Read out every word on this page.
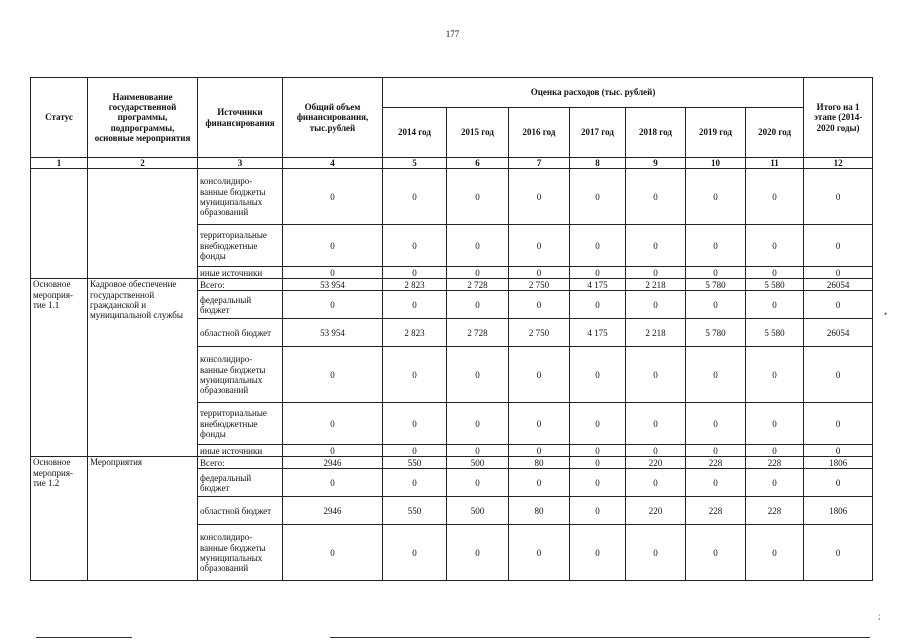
177
Статус	Наименование государственной программы, подпрограммы, основные мероприятия	Источники финансирования	Общий объем финансирования, тыс.рублей	Оценка расходов (тыс. рублей)							Итого на 1 этапе (2014-2020 годы)
				2014 год	2015 год	2016 год	2017 год	2018 год	2019 год	2020 год	
1	2	3	4	5	6	7	8	9	10	11	12
		консолидиро-ванные бюджеты муниципальных образований	0	0	0	0	0	0	0	0	0
		территориальные внебюджетные фонды	0	0	0	0	0	0	0	0	0
		иные источники	0	0	0	0	0	0	0	0	0
Основное мероприя-тие 1.1	Кадровое обеспечение государственной гражданской и муниципальной службы	Всего:	53 954	2 823	2 728	2 750	4 175	2 218	5 780	5 580	26054
		федеральный бюджет	0	0	0	0	0	0	0	0	0
		областной бюджет	53 954	2 823	2 728	2 750	4 175	2 218	5 780	5 580	26054
		консолидиро-ванные бюджеты муниципальных образований	0	0	0	0	0	0	0	0	0
		территориальные внебюджетные фонды	0	0	0	0	0	0	0	0	0
		иные источники	0	0	0	0	0	0	0	0	0
Основное мероприя-тие 1.2	Мероприятия	Всего:	2946	550	500	80	0	220	228	228	1806
		федеральный бюджет	0	0	0	0	0	0	0	0	0
		областной бюджет	2946	550	500	80	0	220	228	228	1806
		консолидиро-ванные бюджеты муниципальных образований	0	0	0	0	0	0	0	0	0
•
;
